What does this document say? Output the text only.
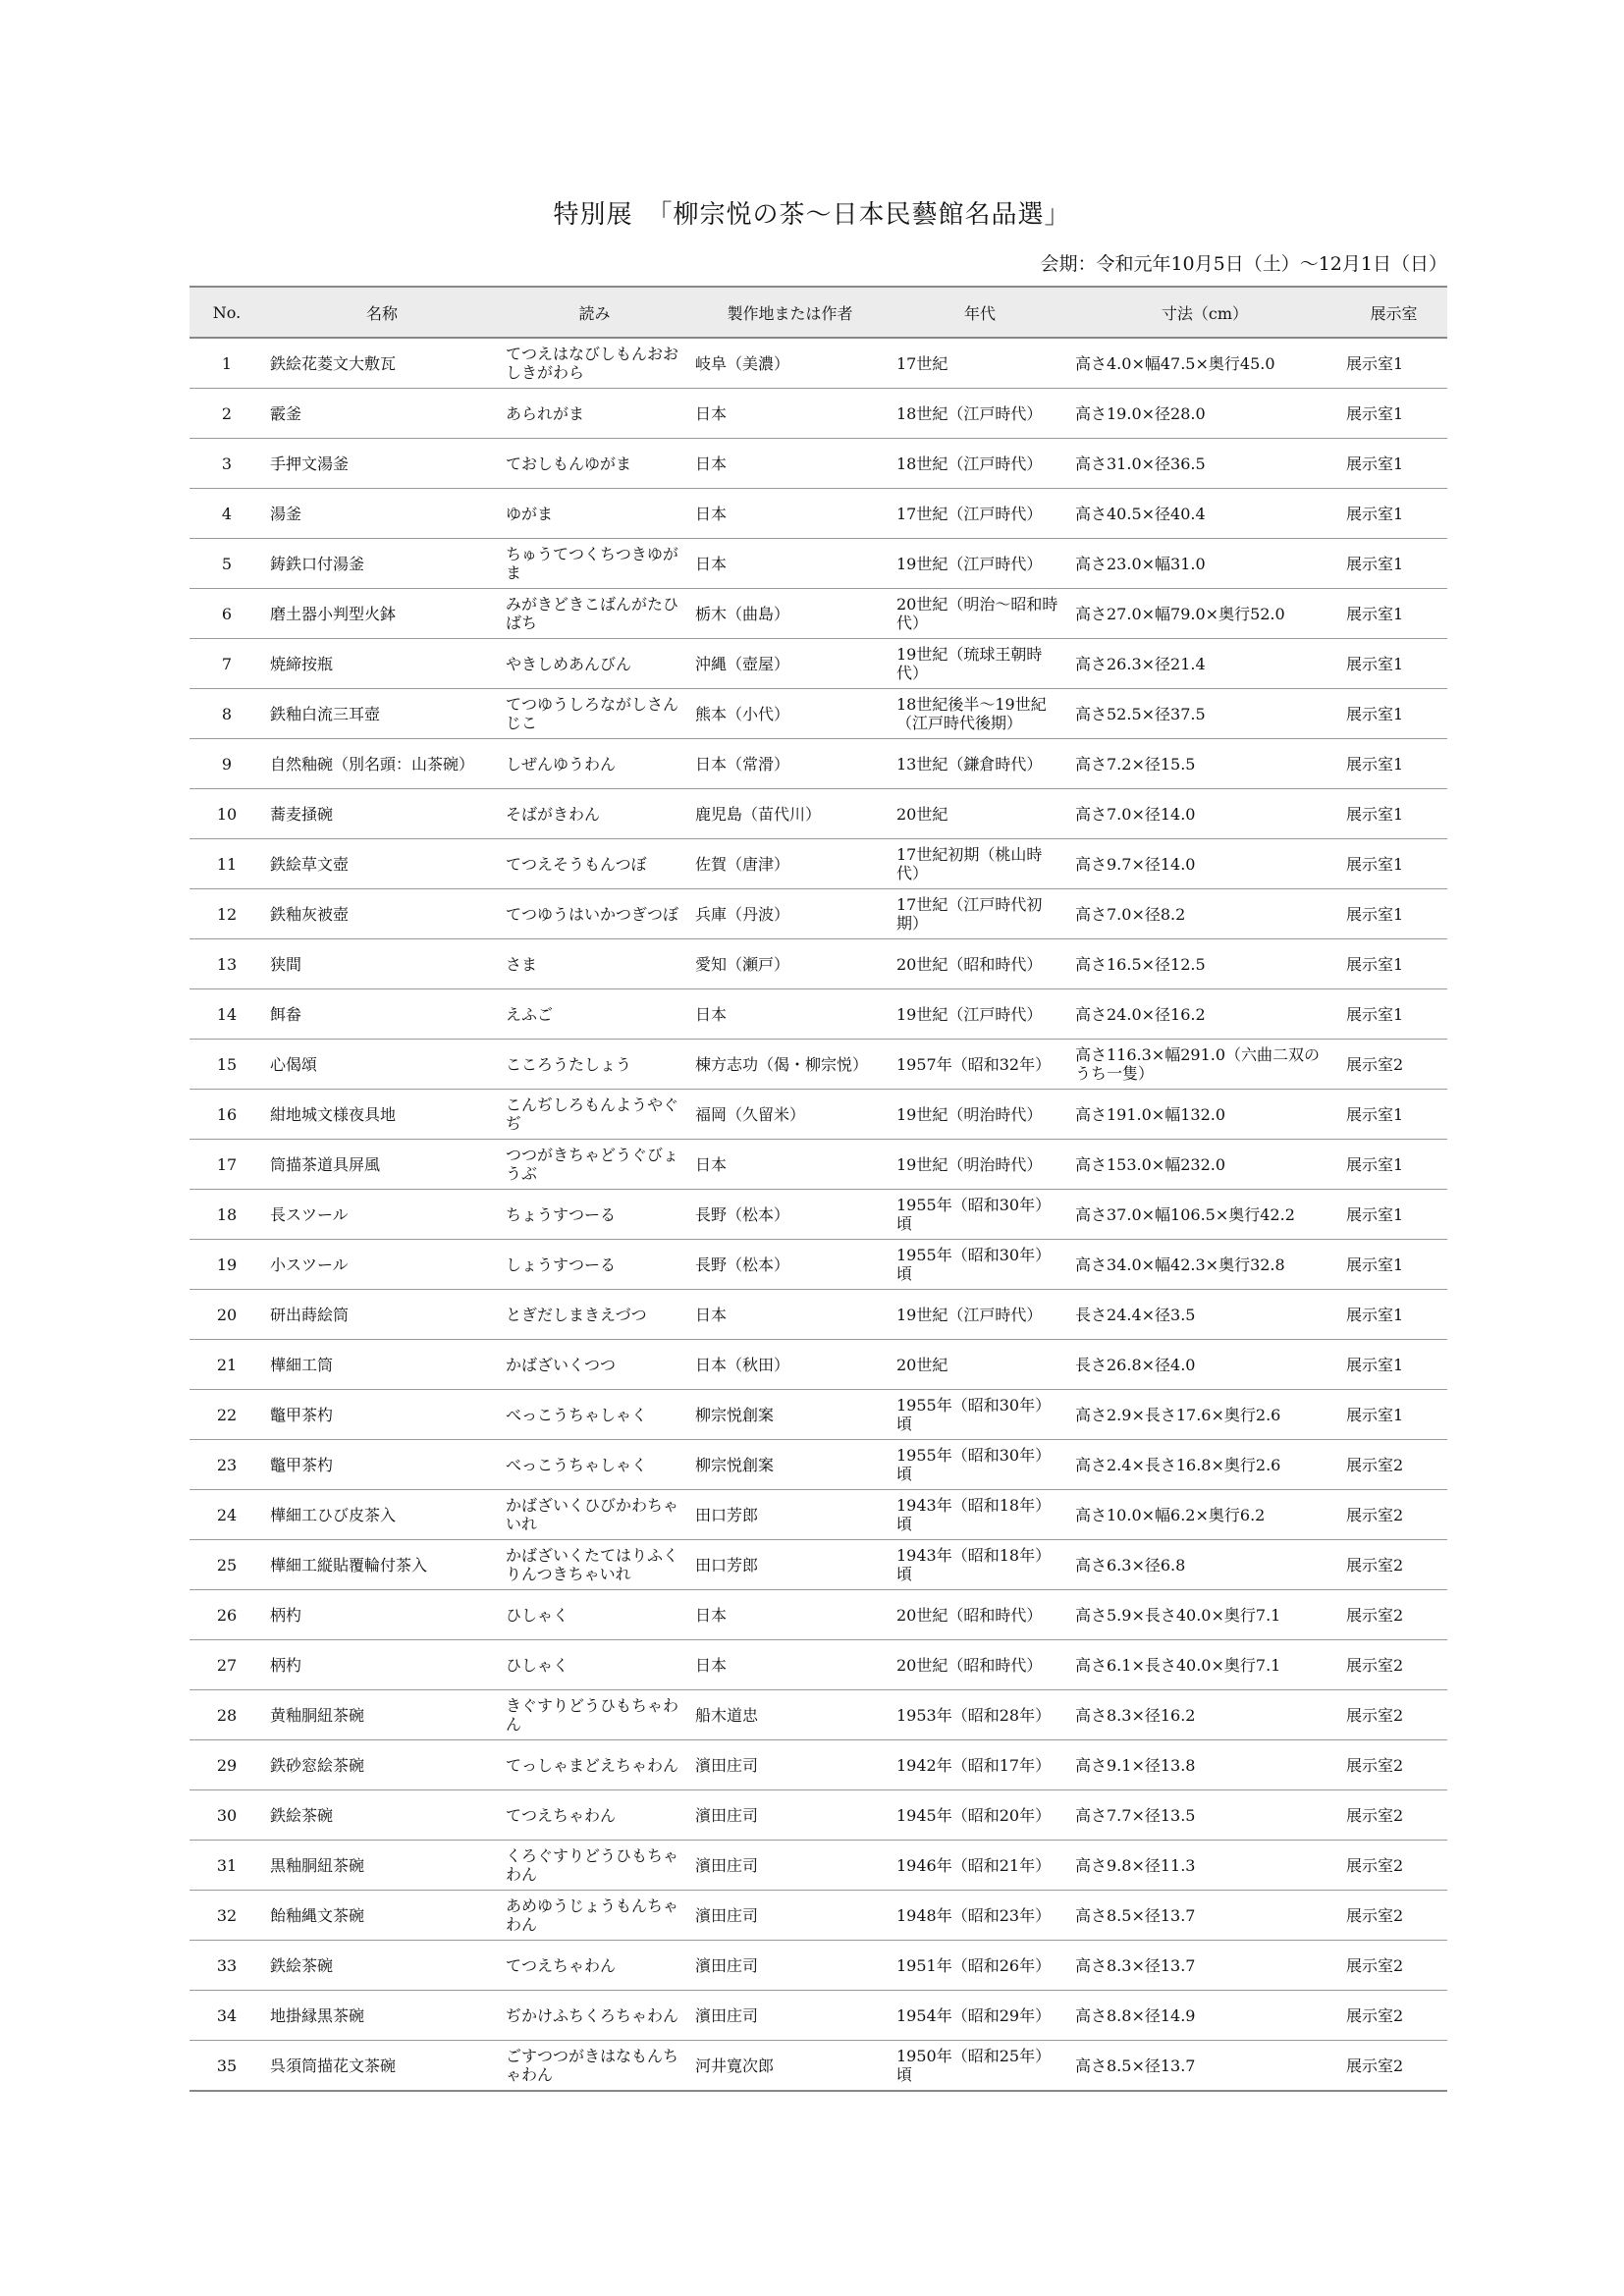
特別展　「柳宗悦の茶〜日本民藝館名品選」

会期：令和元年10月5日（土）〜12月1日（日）

No.	名称	読み	製作地または作者	年代	寸法（cm）	展示室
1	鉄絵花菱文大敷瓦	てつえはなびしもんおおしきがわら	岐阜（美濃）	17世紀	高さ4.0×幅47.5×奥行45.0	展示室1
2	霰釜	あられがま	日本	18世紀（江戸時代）	高さ19.0×径28.0	展示室1
3	手押文湯釜	ておしもんゆがま	日本	18世紀（江戸時代）	高さ31.0×径36.5	展示室1
4	湯釜	ゆがま	日本	17世紀（江戸時代）	高さ40.5×径40.4	展示室1
5	鋳鉄口付湯釜	ちゅうてつくちつきゆがま	日本	19世紀（江戸時代）	高さ23.0×幅31.0	展示室1
6	磨土器小判型火鉢	みがきどきこばんがたひばち	栃木（曲島）	20世紀（明治〜昭和時代）	高さ27.0×幅79.0×奥行52.0	展示室1
7	焼締按瓶	やきしめあんびん	沖縄（壺屋）	19世紀（琉球王朝時代）	高さ26.3×径21.4	展示室1
8	鉄釉白流三耳壺	てつゆうしろながしさんじこ	熊本（小代）	18世紀後半〜19世紀（江戸時代後期）	高さ52.5×径37.5	展示室1
9	自然釉碗（別名頭：山茶碗）	しぜんゆうわん	日本（常滑）	13世紀（鎌倉時代）	高さ7.2×径15.5	展示室1
10	蕎麦掻碗	そばがきわん	鹿児島（苗代川）	20世紀	高さ7.0×径14.0	展示室1
11	鉄絵草文壺	てつえそうもんつぼ	佐賀（唐津）	17世紀初期（桃山時代）	高さ9.7×径14.0	展示室1
12	鉄釉灰被壺	てつゆうはいかつぎつぼ	兵庫（丹波）	17世紀（江戸時代初期）	高さ7.0×径8.2	展示室1
13	狭間	さま	愛知（瀬戸）	20世紀（昭和時代）	高さ16.5×径12.5	展示室1
14	餌畚	えふご	日本	19世紀（江戸時代）	高さ24.0×径16.2	展示室1
15	心偈頌	こころうたしょう	棟方志功（偈・柳宗悦）	1957年（昭和32年）	高さ116.3×幅291.0（六曲二双のうち一隻）	展示室2
16	紺地城文様夜具地	こんぢしろもんようやぐぢ	福岡（久留米）	19世紀（明治時代）	高さ191.0×幅132.0	展示室1
17	筒描茶道具屏風	つつがきちゃどうぐびょうぶ	日本	19世紀（明治時代）	高さ153.0×幅232.0	展示室1
18	長スツール	ちょうすつーる	長野（松本）	1955年（昭和30年）頃	高さ37.0×幅106.5×奥行42.2	展示室1
19	小スツール	しょうすつーる	長野（松本）	1955年（昭和30年）頃	高さ34.0×幅42.3×奥行32.8	展示室1
20	研出蒔絵筒	とぎだしまきえづつ	日本	19世紀（江戸時代）	長さ24.4×径3.5	展示室1
21	樺細工筒	かばざいくつつ	日本（秋田）	20世紀	長さ26.8×径4.0	展示室1
22	鼈甲茶杓	べっこうちゃしゃく	柳宗悦創案	1955年（昭和30年）頃	高さ2.9×長さ17.6×奥行2.6	展示室1
23	鼈甲茶杓	べっこうちゃしゃく	柳宗悦創案	1955年（昭和30年）頃	高さ2.4×長さ16.8×奥行2.6	展示室2
24	樺細工ひび皮茶入	かばざいくひびかわちゃいれ	田口芳郎	1943年（昭和18年）頃	高さ10.0×幅6.2×奥行6.2	展示室2
25	樺細工縦貼覆輪付茶入	かばざいくたてはりふくりんつきちゃいれ	田口芳郎	1943年（昭和18年）頃	高さ6.3×径6.8	展示室2
26	柄杓	ひしゃく	日本	20世紀（昭和時代）	高さ5.9×長さ40.0×奥行7.1	展示室2
27	柄杓	ひしゃく	日本	20世紀（昭和時代）	高さ6.1×長さ40.0×奥行7.1	展示室2
28	黄釉胴紐茶碗	きぐすりどうひもちゃわん	船木道忠	1953年（昭和28年）	高さ8.3×径16.2	展示室2
29	鉄砂窓絵茶碗	てっしゃまどえちゃわん	濱田庄司	1942年（昭和17年）	高さ9.1×径13.8	展示室2
30	鉄絵茶碗	てつえちゃわん	濱田庄司	1945年（昭和20年）	高さ7.7×径13.5	展示室2
31	黒釉胴紐茶碗	くろぐすりどうひもちゃわん	濱田庄司	1946年（昭和21年）	高さ9.8×径11.3	展示室2
32	飴釉縄文茶碗	あめゆうじょうもんちゃわん	濱田庄司	1948年（昭和23年）	高さ8.5×径13.7	展示室2
33	鉄絵茶碗	てつえちゃわん	濱田庄司	1951年（昭和26年）	高さ8.3×径13.7	展示室2
34	地掛縁黒茶碗	ぢかけふちくろちゃわん	濱田庄司	1954年（昭和29年）	高さ8.8×径14.9	展示室2
35	呉須筒描花文茶碗	ごすつつがきはなもんちゃわん	河井寛次郎	1950年（昭和25年）頃	高さ8.5×径13.7	展示室2
